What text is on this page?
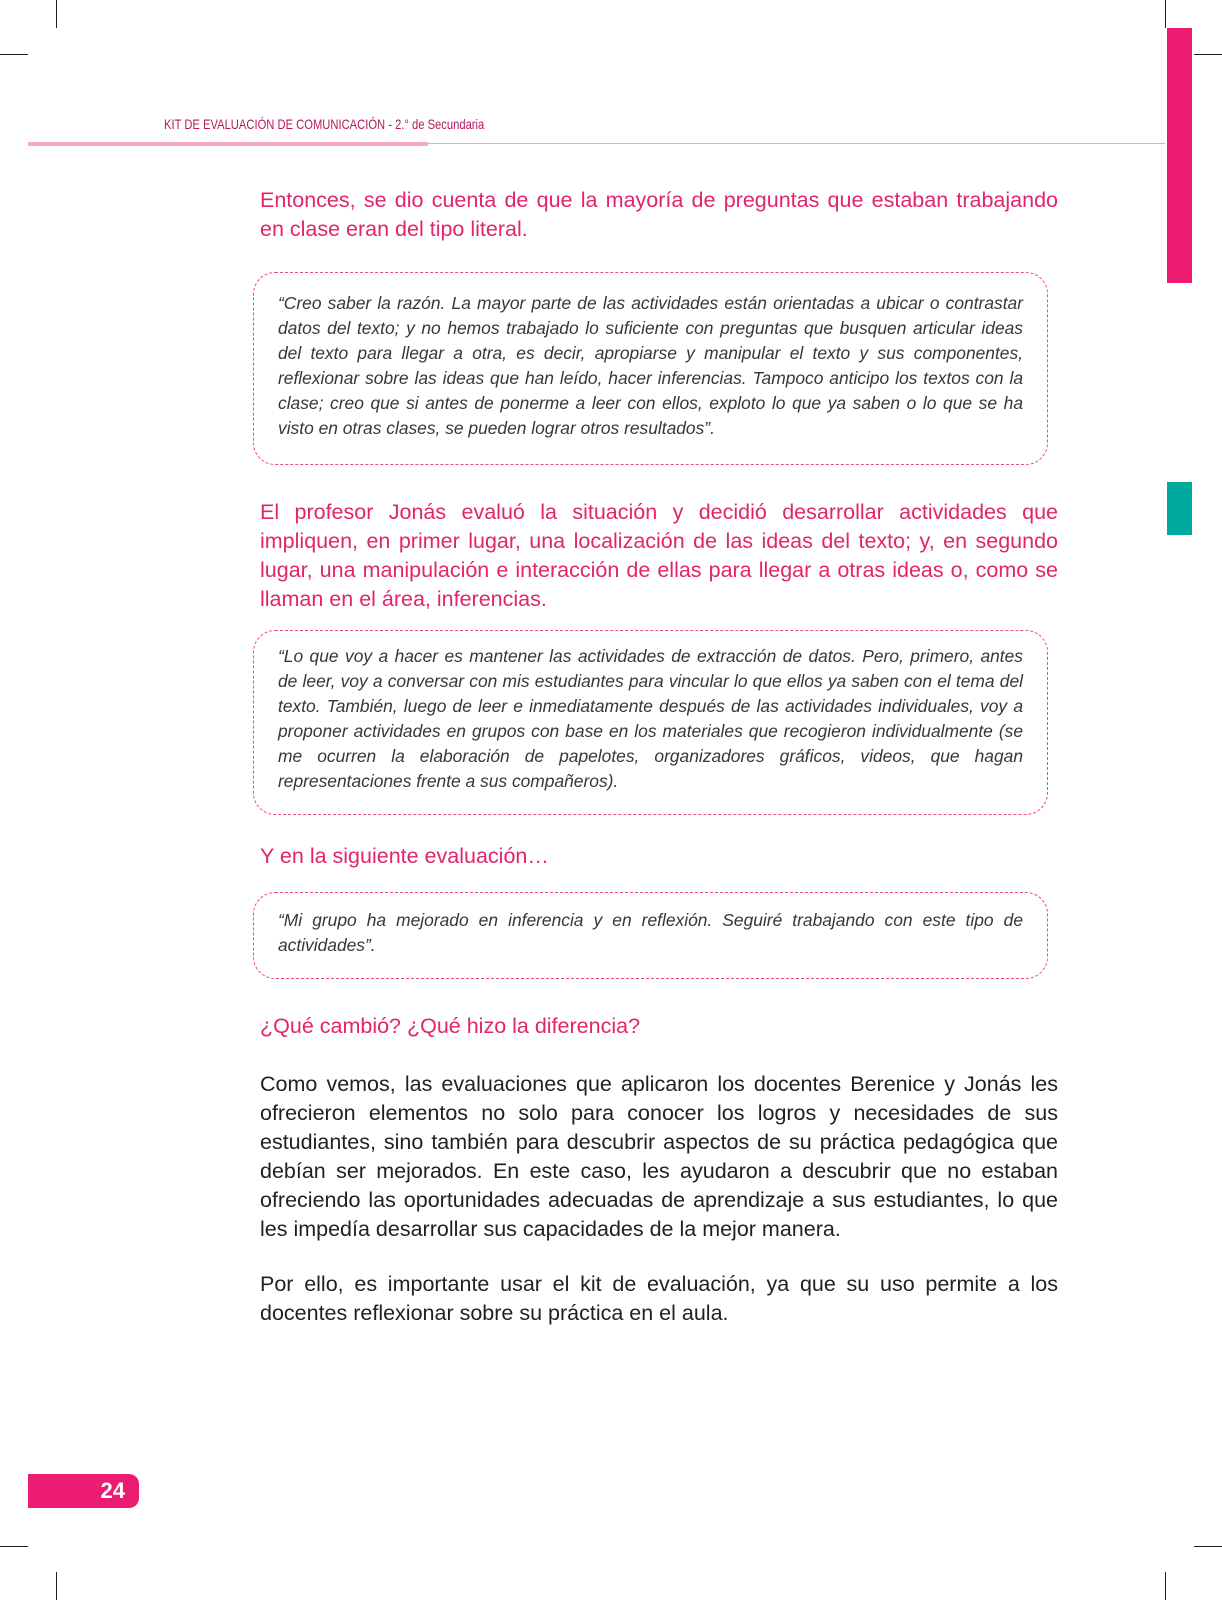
KIT DE EVALUACIÓN DE COMUNICACIÓN - 2.° de Secundaria

Entonces, se dio cuenta de que la mayoría de preguntas que estaban trabajando en clase eran del tipo literal.

“Creo saber la razón. La mayor parte de las actividades están orientadas a ubicar o contrastar datos del texto; y no hemos trabajado lo suficiente con preguntas que busquen articular ideas del texto para llegar a otra, es decir, apropiarse y manipular el texto y sus componentes, reflexionar sobre las ideas que han leído, hacer inferencias. Tampoco anticipo los textos con la clase; creo que si antes de ponerme a leer con ellos, exploto lo que ya saben o lo que se ha visto en otras clases, se pueden lograr otros resultados”.

El profesor Jonás evaluó la situación y decidió desarrollar actividades que impliquen, en primer lugar, una localización de las ideas del texto; y, en segundo lugar, una manipulación e interacción de ellas para llegar a otras ideas o, como se llaman en el área, inferencias.

“Lo que voy a hacer es mantener las actividades de extracción de datos. Pero, primero, antes de leer, voy a conversar con mis estudiantes para vincular lo que ellos ya saben con el tema del texto. También, luego de leer e inmediatamente después de las actividades individuales, voy a proponer actividades en grupos con base en los materiales que recogieron individualmente (se me ocurren la elaboración de papelotes, organizadores gráficos, videos, que hagan representaciones frente a sus compañeros).

Y en la siguiente evaluación…

“Mi grupo ha mejorado en inferencia y en reflexión. Seguiré trabajando con este tipo de actividades”.

¿Qué cambió? ¿Qué hizo la diferencia?

Como vemos, las evaluaciones que aplicaron los docentes Berenice y Jonás les ofrecieron elementos no solo para conocer los logros y necesidades de sus estudiantes, sino también para descubrir aspectos de su práctica pedagógica que debían ser mejorados. En este caso, les ayudaron a descubrir que no estaban ofreciendo las oportunidades adecuadas de aprendizaje a sus estudiantes, lo que les impedía desarrollar sus capacidades de la mejor manera.

Por ello, es importante usar el kit de evaluación, ya que su uso permite a los docentes reflexionar sobre su práctica en el aula.

24
